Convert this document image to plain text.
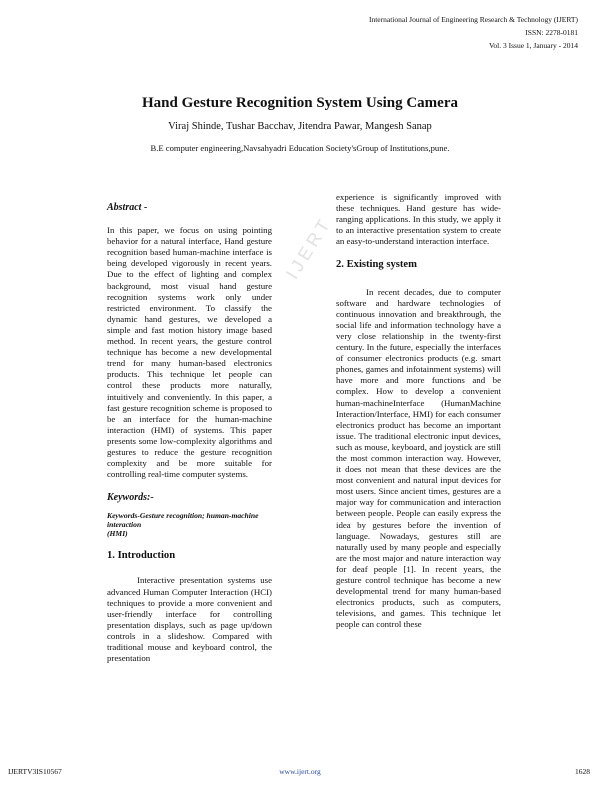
International Journal of Engineering Research & Technology (IJERT)
ISSN: 2278-0181
Vol. 3 Issue 1, January - 2014
Hand Gesture Recognition System Using Camera
Viraj Shinde, Tushar Bacchav, Jitendra Pawar, Mangesh Sanap
B.E computer engineering,Navsahyadri Education Society'sGroup of Institutions,pune.
IJERT
Abstract -

In this paper, we focus on using pointing behavior for a natural interface, Hand gesture recognition based human-machine interface is being developed vigorously in recent years. Due to the effect of lighting and complex background, most visual hand gesture recognition systems work only under restricted environment. To classify the dynamic hand gestures, we developed a simple and fast motion history image based method. In recent years, the gesture control technique has become a new developmental trend for many human-based electronics products. This technique let people can control these products more naturally, intuitively and conveniently. In this paper, a fast gesture recognition scheme is proposed to be an interface for the human-machine interaction (HMI) of systems. This paper presents some low-complexity algorithms and gestures to reduce the gesture recognition complexity and be more suitable for controlling real-time computer systems.

Keywords:-
Keywords-Gesture recognition; human-machine interaction
(HMI)
1. Introduction

Interactive presentation systems use advanced Human Computer Interaction (HCI) techniques to provide a more convenient and user-friendly interface for controlling presentation displays, such as page up/down controls in a slideshow. Compared with traditional mouse and keyboard control, the presentation

experience is significantly improved with these techniques. Hand gesture has wide-ranging applications. In this study, we apply it to an interactive presentation system to create an easy-to-understand interaction interface.

2. Existing system

In recent decades, due to computer software and hardware technologies of continuous innovation and breakthrough, the social life and information technology have a very close relationship in the twenty-first century. In the future, especially the interfaces of consumer electronics products (e.g. smart phones, games and infotainment systems) will have more and more functions and be complex. How to develop a convenient human-machineInterface (HumanMachine Interaction/Interface, HMI) for each consumer electronics product has become an important issue. The traditional electronic input devices, such as mouse, keyboard, and joystick are still the most common interaction way. However, it does not mean that these devices are the most convenient and natural input devices for most users. Since ancient times, gestures are a major way for communication and interaction between people. People can easily express the idea by gestures before the invention of language. Nowadays, gestures still are naturally used by many people and especially are the most major and nature interaction way for deaf people [1]. In recent years, the gesture control technique has become a new developmental trend for many human-based electronics products, such as computers, televisions, and games. This technique let people can control these

IJERTV3IS10567	www.ijert.org	1628
